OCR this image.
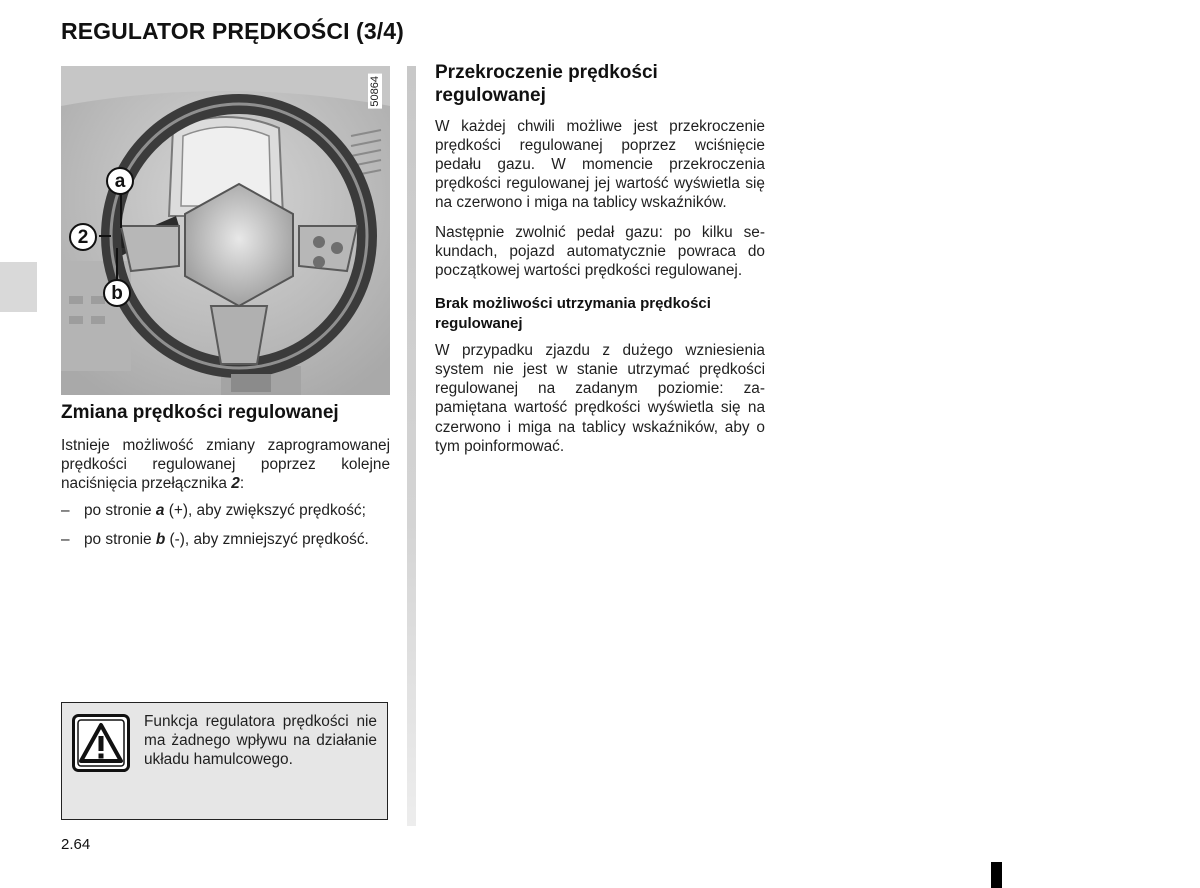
REGULATOR PRĘDKOŚCI (3/4)
50864
a
2
b
Zmiana prędkości regulowanej

Istnieje możliwość zmiany zaprogramowanej prędkości regulowanej poprzez kolejne naciśnięcia przełącznika 2:

– po stronie a (+), aby zwiększyć prędkość;
– po stronie b (-), aby zmniejszyć prędkość.

Funkcja regulatora prędkości nie ma żadnego wpływu na działanie układu hamulcowego.

Przekroczenie prędkości regulowanej

W każdej chwili możliwe jest przekroczenie prędkości regulowanej poprzez wciśnięcie pedału gazu. W momencie przekroczenia prędkości regulowanej jej wartość wyświetla się na czerwono i miga na tablicy wskaźników.

Następnie zwolnić pedał gazu: po kilku sekundach, pojazd automatycznie powraca do początkowej wartości prędkości regulowanej.

Brak możliwości utrzymania prędkości regulowanej

W przypadku zjazdu z dużego wzniesienia system nie jest w stanie utrzymać prędkości regulowanej na zadanym poziomie: zapamiętana wartość prędkości wyświetla się na czerwono i miga na tablicy wskaźników, aby o tym poinformować.

2.64
